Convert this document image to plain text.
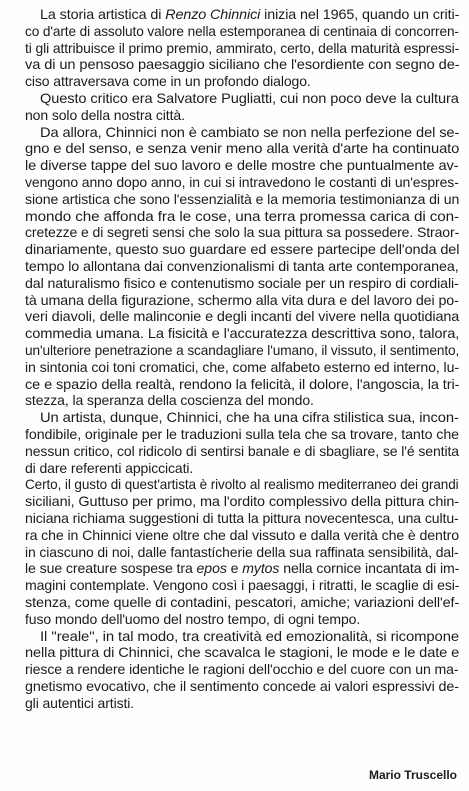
La storia artistica di Renzo Chinnici inizia nel 1965, quando un criti-
co d'arte di assoluto valore nella estemporanea di centinaia di concorren-
ti gli attribuisce il primo premio, ammirato, certo, della maturità espressi-
va di un pensoso paesaggio siciliano che l'esordiente con segno de-
ciso attraversava come in un profondo dialogo.
Questo critico era Salvatore Pugliatti, cui non poco deve la cultura
non solo della nostra città.
Da allora, Chinnici non è cambiato se non nella perfezione del se-
gno e del senso, e senza venir meno alla verità d'arte ha continuato
le diverse tappe del suo lavoro e delle mostre che puntualmente av-
vengono anno dopo anno, in cui si intravedono le costanti di un'espres-
sione artistica che sono l'essenzialità e la memoria testimonianza di un
mondo che affonda fra le cose, una terra promessa carica di con-
cretezze e di segreti sensi che solo la sua pittura sa possedere. Straor-
dinariamente, questo suo guardare ed essere partecipe dell'onda del
tempo lo allontana dai convenzionalismi di tanta arte contemporanea,
dal naturalismo fisico e contenutismo sociale per un respiro di cordiali-
tà umana della figurazione, schermo alla vita dura e del lavoro dei po-
veri diavoli, delle malinconie e degli incanti del vivere nella quotidiana
commedia umana. La fisicità e l'accuratezza descrittiva sono, talora,
un'ulteriore penetrazione a scandagliare l'umano, il vissuto, il sentimento,
in sintonia coi toni cromatici, che, come alfabeto esterno ed interno, lu-
ce e spazio della realtà, rendono la felicità, il dolore, l'angoscia, la tri-
stezza, la speranza della coscienza del mondo.
Un artista, dunque, Chinnici, che ha una cifra stilistica sua, incon-
fondibile, originale per le traduzioni sulla tela che sa trovare, tanto che
nessun critico, col ridicolo di sentirsi banale e di sbagliare, se l'é sentita
di dare referenti appiccicati.
Certo, il gusto di quest'artista è rivolto al realismo mediterraneo dei grandi
siciliani, Guttuso per primo, ma l'ordito complessivo della pittura chin-
niciana richiama suggestioni di tutta la pittura novecentesca, una cultu-
ra che in Chinnici viene oltre che dal vissuto e dalla verità che è dentro
in ciascuno di noi, dalle fantastícherie della sua raffinata sensibilità, dal-
le sue creature sospese tra epos e mytos nella cornice incantata di im-
magini contemplate. Vengono così i paesaggi, i ritratti, le scaglie di esi-
stenza, come quelle di contadini, pescatori, amiche; variazioni dell'ef-
fuso mondo dell'uomo del nostro tempo, di ogni tempo.
Il ''reale'', in tal modo, tra creatività ed emozionalità, si ricompone
nella pittura di Chinnici, che scavalca le stagioni, le mode e le date e
riesce a rendere identiche le ragioni dell'occhio e del cuore con un ma-
gnetismo evocativo, che il sentimento concede ai valori espressivi de-
gli autentici artisti.
Mario Truscello
